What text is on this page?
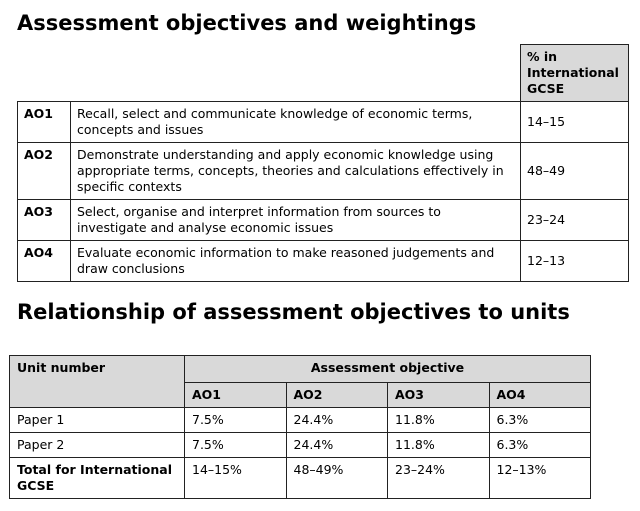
Assessment objectives and weightings
		% in International GCSE
AO1	Recall, select and communicate knowledge of economic terms, concepts and issues	14–15
AO2	Demonstrate understanding and apply economic knowledge using appropriate terms, concepts, theories and calculations effectively in specific contexts	48–49
AO3	Select, organise and interpret information from sources to investigate and analyse economic issues	23–24
AO4	Evaluate economic information to make reasoned judgements and draw conclusions	12–13
Relationship of assessment objectives to units
Unit number	Assessment objective			
	AO1	AO2	AO3	AO4
Paper 1	7.5%	24.4%	11.8%	6.3%
Paper 2	7.5%	24.4%	11.8%	6.3%
Total for International GCSE	14–15%	48–49%	23–24%	12–13%
